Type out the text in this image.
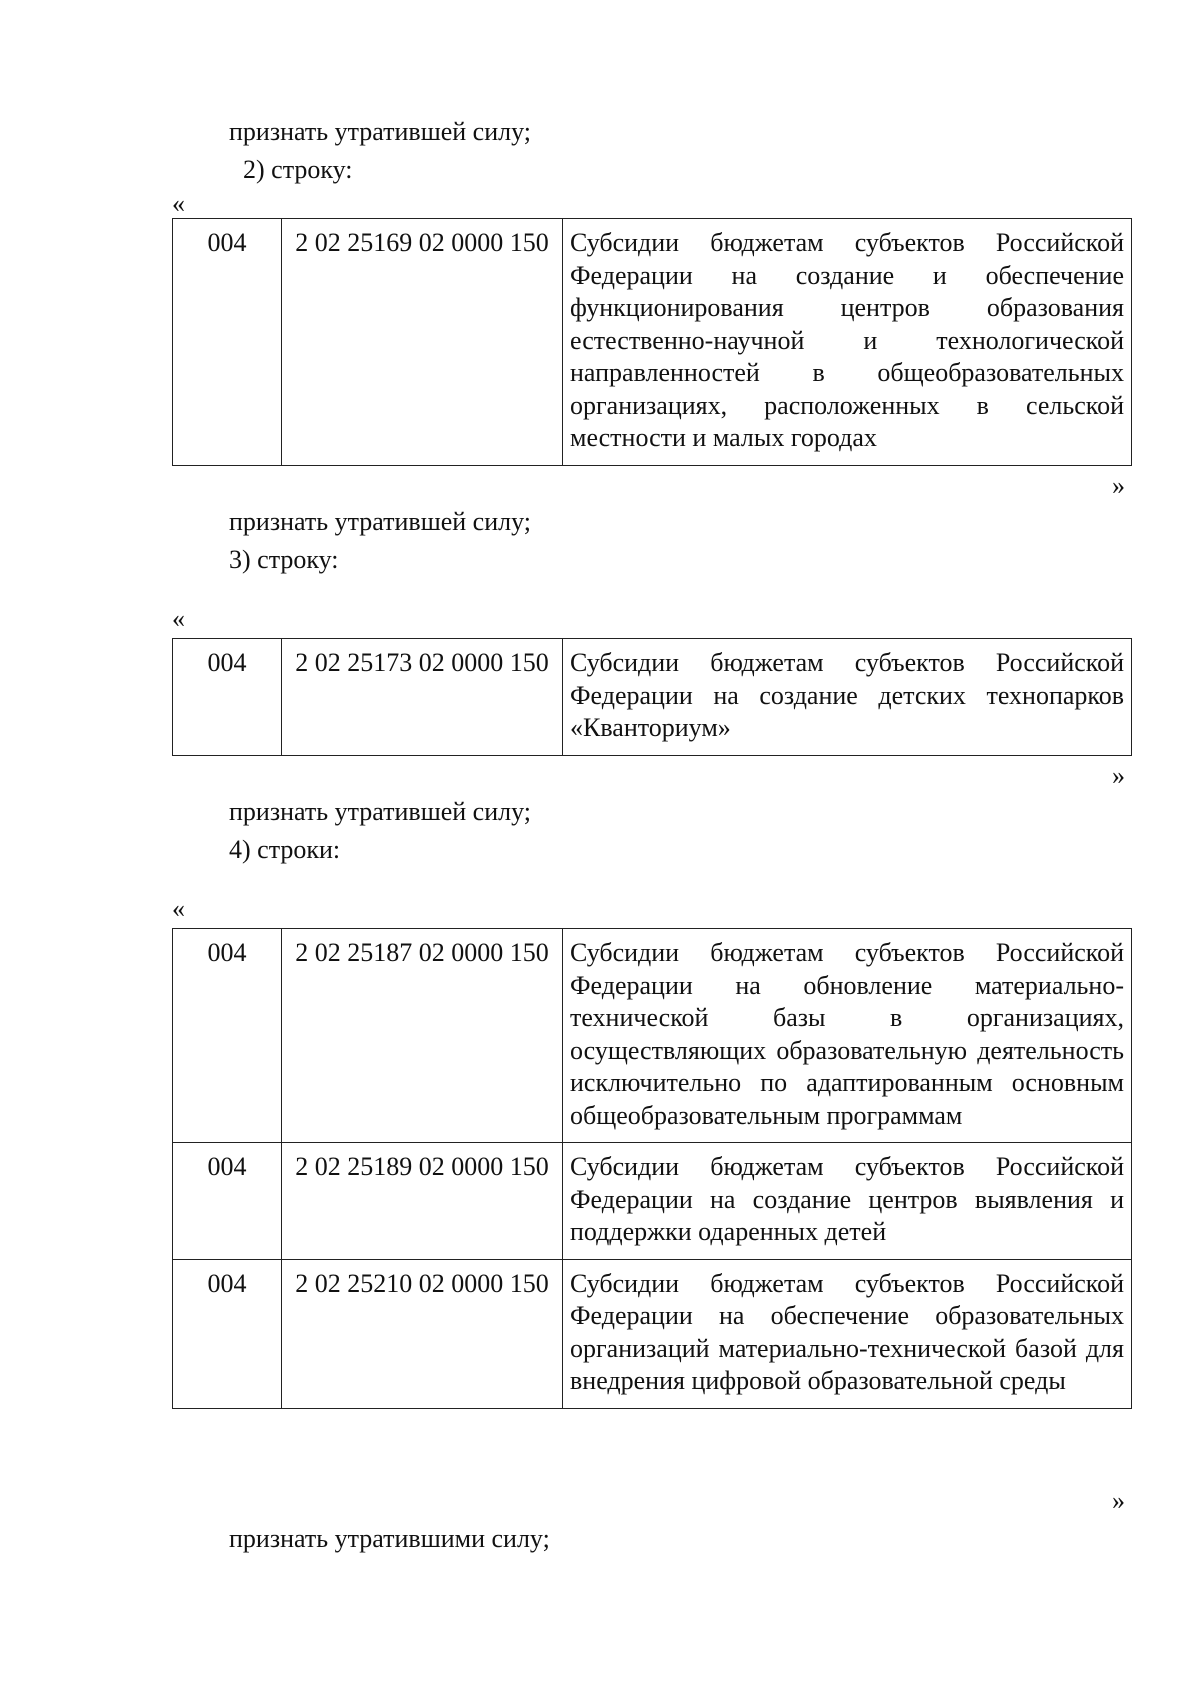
признать утратившей силу;
2) строку:
«
004	2 02 25169 02 0000 150	Субсидии бюджетам субъектов Российской Федерации на создание и обеспечение функционирования центров образования естественно-научной и технологической направленностей в общеобразовательных организациях, расположенных в сельской местности и малых городах
»
признать утратившей силу;
3) строку:
«
004	2 02 25173 02 0000 150	Субсидии бюджетам субъектов Российской Федерации на создание детских технопарков «Кванториум»
»
признать утратившей силу;
4) строки:
«
004	2 02 25187 02 0000 150	Субсидии бюджетам субъектов Российской Федерации на обновление материально-технической базы в организациях, осуществляющих образовательную деятельность исключительно по адаптированным основным общеобразовательным программам
004	2 02 25189 02 0000 150	Субсидии бюджетам субъектов Российской Федерации на создание центров выявления и поддержки одаренных детей
004	2 02 25210 02 0000 150	Субсидии бюджетам субъектов Российской Федерации на обеспечение образовательных организаций материально-технической базой для внедрения цифровой образовательной среды
»
признать утратившими силу;
